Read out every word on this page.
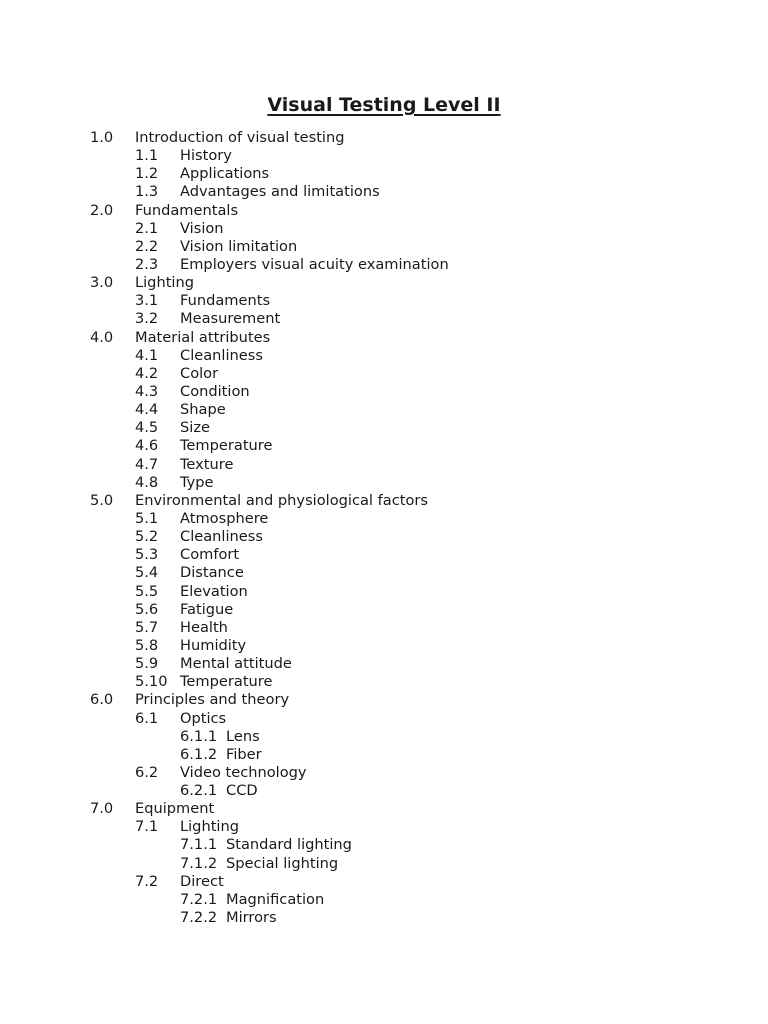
Visual Testing Level II
1.0 Introduction of visual testing
1.1 History
1.2 Applications
1.3 Advantages and limitations
2.0 Fundamentals
2.1 Vision
2.2 Vision limitation
2.3 Employers visual acuity examination
3.0 Lighting
3.1 Fundaments
3.2 Measurement
4.0 Material attributes
4.1 Cleanliness
4.2 Color
4.3 Condition
4.4 Shape
4.5 Size
4.6 Temperature
4.7 Texture
4.8 Type
5.0 Environmental and physiological factors
5.1 Atmosphere
5.2 Cleanliness
5.3 Comfort
5.4 Distance
5.5 Elevation
5.6 Fatigue
5.7 Health
5.8 Humidity
5.9 Mental attitude
5.10 Temperature
6.0 Principles and theory
6.1 Optics
6.1.1 Lens
6.1.2 Fiber
6.2 Video technology
6.2.1 CCD
7.0 Equipment
7.1 Lighting
7.1.1 Standard lighting
7.1.2 Special lighting
7.2 Direct
7.2.1 Magnification
7.2.2 Mirrors
